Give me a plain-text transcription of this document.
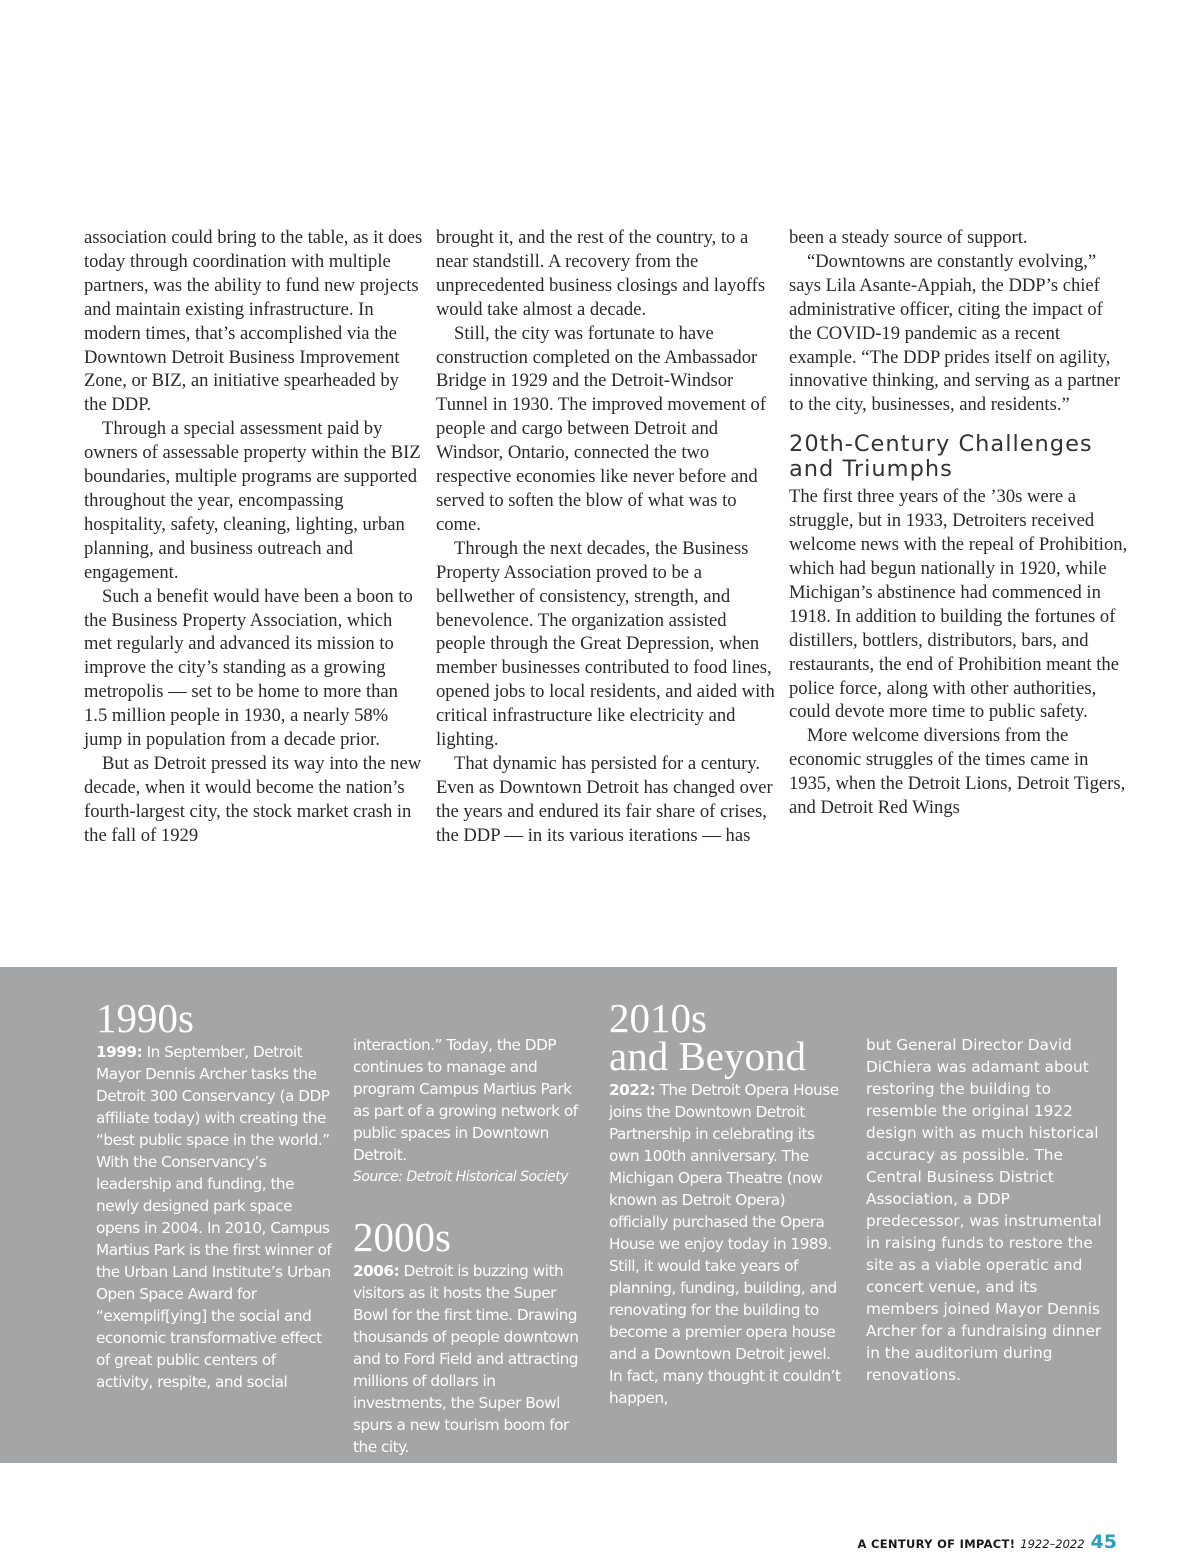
association could bring to the table, as it does today through coordination with multiple partners, was the ability to fund new projects and maintain existing infrastructure. In modern times, that’s accomplished via the Downtown Detroit Business Improvement Zone, or BIZ, an initiative spearheaded by the DDP.

Through a special assessment paid by owners of assessable property within the BIZ boundaries, multiple programs are supported throughout the year, encompassing hospitality, safety, cleaning, lighting, urban planning, and business outreach and engagement.

Such a benefit would have been a boon to the Business Property Association, which met regularly and advanced its mission to improve the city’s standing as a growing metropolis — set to be home to more than 1.5 million people in 1930, a nearly 58% jump in population from a decade prior.

But as Detroit pressed its way into the new decade, when it would become the nation’s fourth-largest city, the stock market crash in the fall of 1929

brought it, and the rest of the country, to a near standstill. A recovery from the unprecedented business closings and layoffs would take almost a decade.

Still, the city was fortunate to have construction completed on the Ambassador Bridge in 1929 and the Detroit-Windsor Tunnel in 1930. The improved movement of people and cargo between Detroit and Windsor, Ontario, connected the two respective economies like never before and served to soften the blow of what was to come.

Through the next decades, the Business Property Association proved to be a bellwether of consistency, strength, and benevolence. The organization assisted people through the Great Depression, when member businesses contributed to food lines, opened jobs to local residents, and aided with critical infrastructure like electricity and lighting.

That dynamic has persisted for a century. Even as Downtown Detroit has changed over the years and endured its fair share of crises, the DDP — in its various iterations — has

been a steady source of support.

“Downtowns are constantly evolving,” says Lila Asante-Appiah, the DDP’s chief administrative officer, citing the impact of the COVID-19 pandemic as a recent example. “The DDP prides itself on agility, innovative thinking, and serving as a partner to the city, businesses, and residents.”

20th-Century Challenges and Triumphs

The first three years of the ’30s were a struggle, but in 1933, Detroiters received welcome news with the repeal of Prohibition, which had begun nationally in 1920, while Michigan’s abstinence had commenced in 1918. In addition to building the fortunes of distillers, bottlers, distributors, bars, and restaurants, the end of Prohibition meant the police force, along with other authorities, could devote more time to public safety.

More welcome diversions from the economic struggles of the times came in 1935, when the Detroit Lions, Detroit Tigers, and Detroit Red Wings

1990s

1999: In September, Detroit Mayor Dennis Archer tasks the Detroit 300 Conservancy (a DDP affiliate today) with creating the “best public space in the world.” With the Conservancy’s leadership and funding, the newly designed park space opens in 2004. In 2010, Campus Martius Park is the first winner of the Urban Land Institute’s Urban Open Space Award for “exemplif[ying] the social and economic transformative effect of great public centers of activity, respite, and social

interaction.” Today, the DDP continues to manage and program Campus Martius Park as part of a growing network of public spaces in Downtown Detroit.

Source: Detroit Historical Society

2000s

2006: Detroit is buzzing with visitors as it hosts the Super Bowl for the first time. Drawing thousands of people downtown and to Ford Field and attracting millions of dollars in investments, the Super Bowl spurs a new tourism boom for the city.

2010s
and Beyond

2022: The Detroit Opera House joins the Downtown Detroit Partnership in celebrating its own 100th anniversary. The Michigan Opera Theatre (now known as Detroit Opera) officially purchased the Opera House we enjoy today in 1989. Still, it would take years of planning, funding, building, and renovating for the building to become a premier opera house and a Downtown Detroit jewel. In fact, many thought it couldn’t happen,

but General Director David DiChiera was adamant about restoring the building to resemble the original 1922 design with as much historical accuracy as possible. The Central Business District Association, a DDP predecessor, was instrumental in raising funds to restore the site as a viable operatic and concert venue, and its members joined Mayor Dennis Archer for a fundraising dinner in the auditorium during renovations.

A CENTURY OF IMPACT! 1922–2022 45
